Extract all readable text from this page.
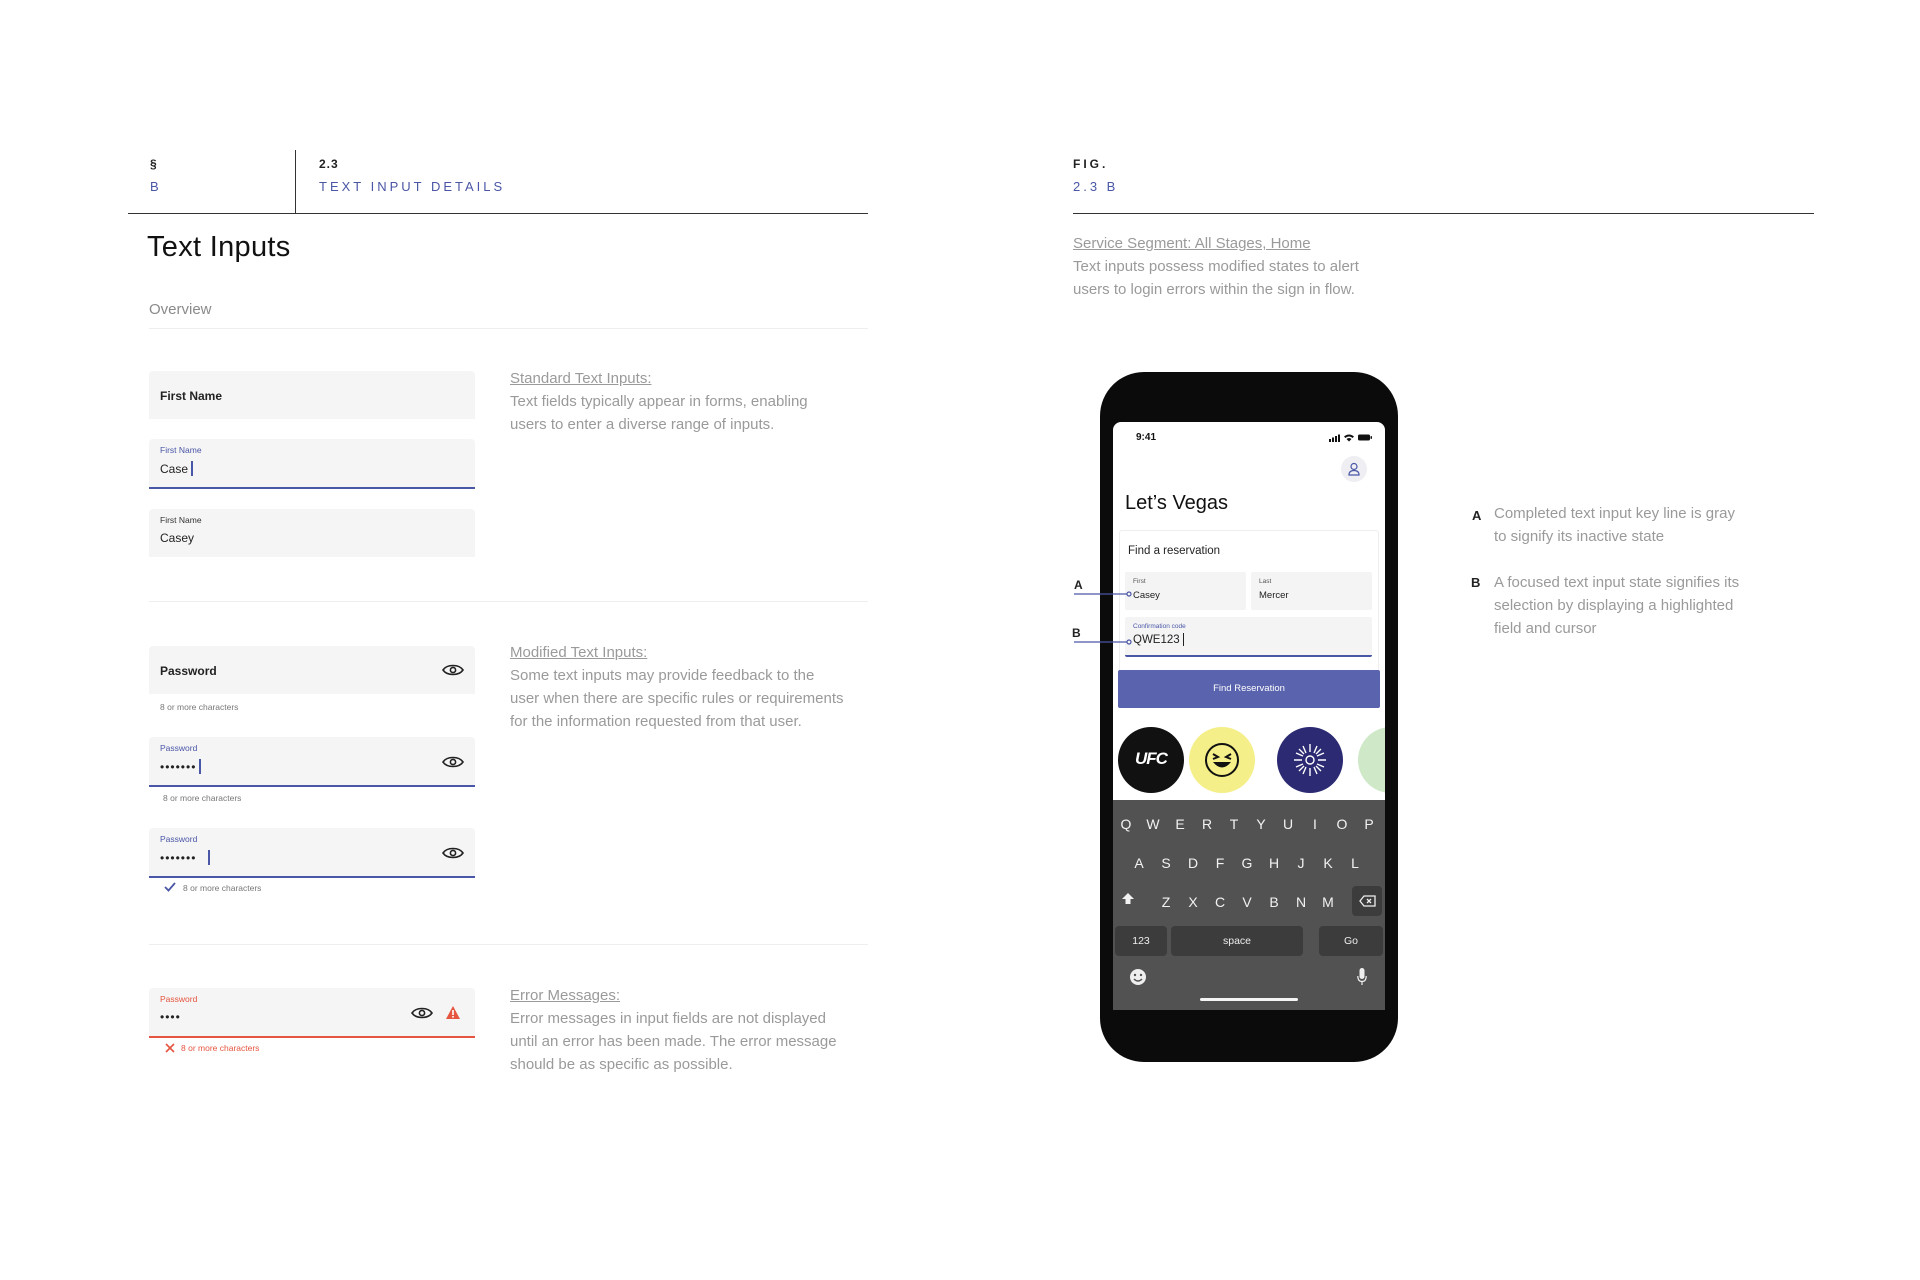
§
B
2.3
TEXT INPUT DETAILS
Text Inputs
Overview
First Name
First Name
Case
First Name
Casey
Standard Text Inputs:
Text fields typically appear in forms, enabling
users to enter a diverse range of inputs.
Password
8 or more characters
Password
•••••••
8 or more characters
Password
•••••••
8 or more characters
Modified Text Inputs:
Some text inputs may provide feedback to the
user when there are specific rules or requirements
for the information requested from that user.
Password
••••
8 or more characters
Error Messages:
Error messages in input fields are not displayed
until an error has been made. The error message
should be as specific as possible.
FIG.
2.3 B
Service Segment: All Stages, Home
Text inputs possess modified states to alert
users to login errors within the sign in flow.
A Completed text input key line is gray
to signify its inactive state
B A focused text input state signifies its
selection by displaying a highlighted
field and cursor
9:41
Let’s Vegas
Find a reservation
First
Casey
Last
Mercer
Confirmation code
QWE123
Find Reservation
UFC
Q	W	E	R	T	Y	U	I	O	P
A	S	D	F	G	H	J	K	L
Z	X	C	V	B	N	M
123	space	Go
A
B
